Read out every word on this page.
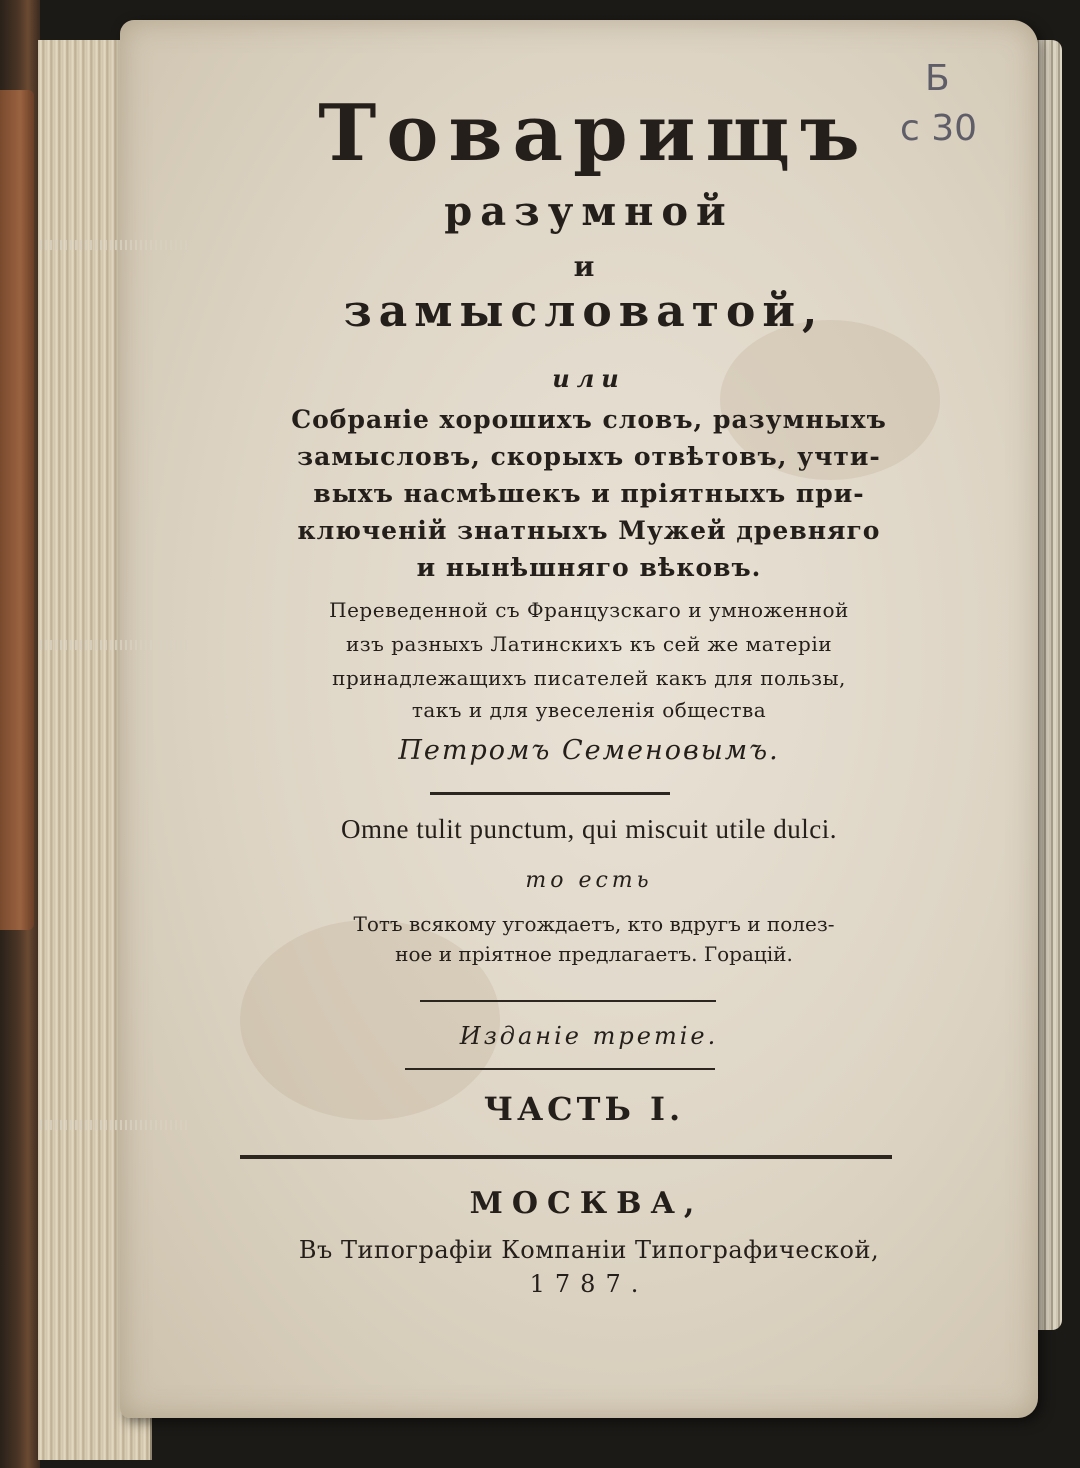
Товарищъ

разумной

и

замысловатой,

или

Собраніе хорошихъ словъ, разумныхъ

замысловъ, скорыхъ отвѣтовъ, учти-

выхъ насмѣшекъ и пріятныхъ при-

ключеній знатныхъ Мужей древняго

и нынѣшняго вѣковъ.

Переведенной съ Французскаго и умноженной

изъ разныхъ Латинскихъ къ сей же матеріи

принадлежащихъ писателей какъ для пользы,

такъ и для увеселенія общества

Петромъ Семеновымъ.

Omne tulit punctum, qui miscuit utile dulci.

то есть

Тотъ всякому угождаетъ, кто вдругъ и полез-

ное и пріятное предлагаетъ. Горацій.

Изданіе третіе.

ЧАСТЬ I.

МОСКВА,

Въ Типографіи Компаніи Типографической,

1787.

Б

с 30
